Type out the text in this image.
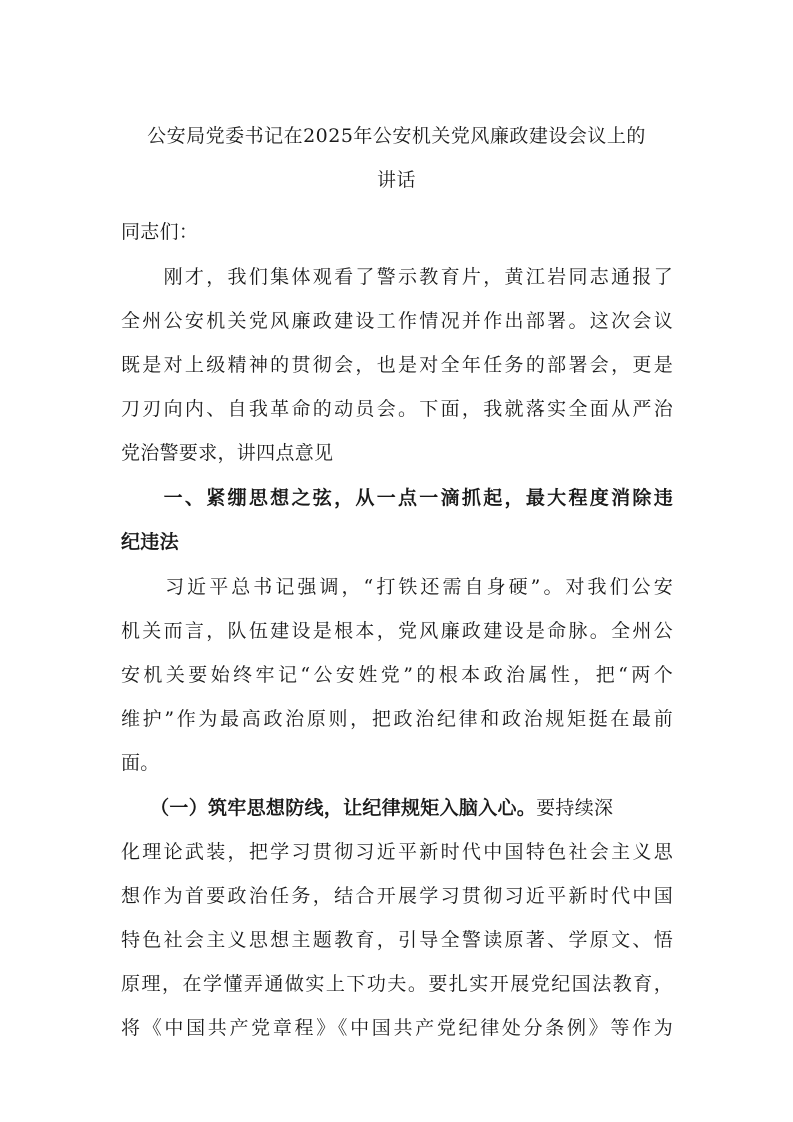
公安局党委书记在2025年公安机关党风廉政建设会议上的
讲话
同志们：
　　刚才，我们集体观看了警示教育片，黄江岩同志通报了
全州公安机关党风廉政建设工作情况并作出部署。这次会议
既是对上级精神的贯彻会，也是对全年任务的部署会，更是
刀刃向内、自我革命的动员会。下面，我就落实全面从严治
党治警要求，讲四点意见
　　一、紧绷思想之弦，从一点一滴抓起，最大程度消除违
纪违法
　　习近平总书记强调，“打铁还需自身硬”。对我们公安
机关而言，队伍建设是根本，党风廉政建设是命脉。全州公
安机关要始终牢记“公安姓党”的根本政治属性，把“两个
维护”作为最高政治原则，把政治纪律和政治规矩挺在最前
面。
　　（一）筑牢思想防线，让纪律规矩入脑入心。要持续深
化理论武装，把学习贯彻习近平新时代中国特色社会主义思
想作为首要政治任务，结合开展学习贯彻习近平新时代中国
特色社会主义思想主题教育，引导全警读原著、学原文、悟
原理，在学懂弄通做实上下功夫。要扎实开展党纪国法教育，
将《中国共产党章程》《中国共产党纪律处分条例》等作为
